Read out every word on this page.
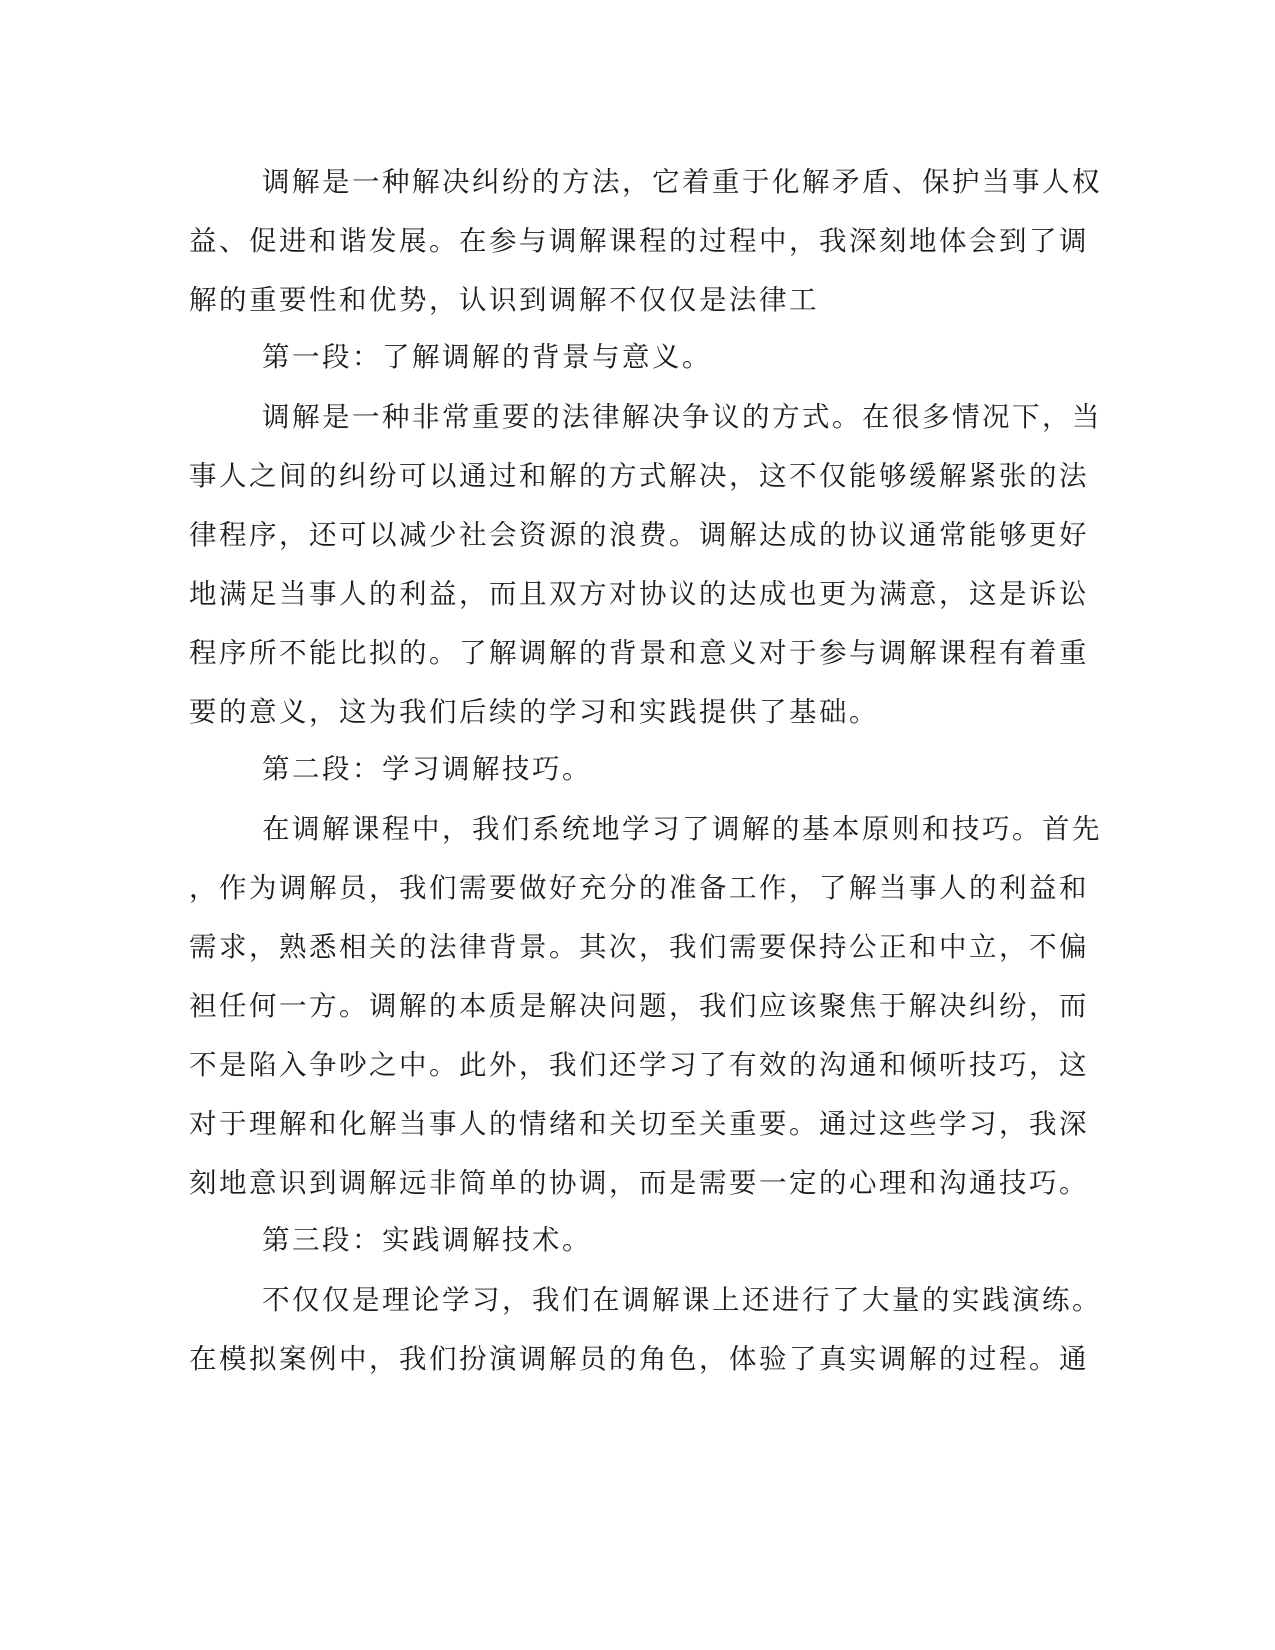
调解是一种解决纠纷的方法，它着重于化解矛盾、保护当事人权

益、促进和谐发展。在参与调解课程的过程中，我深刻地体会到了调

解的重要性和优势，认识到调解不仅仅是法律工

第一段：了解调解的背景与意义。

调解是一种非常重要的法律解决争议的方式。在很多情况下，当

事人之间的纠纷可以通过和解的方式解决，这不仅能够缓解紧张的法

律程序，还可以减少社会资源的浪费。调解达成的协议通常能够更好

地满足当事人的利益，而且双方对协议的达成也更为满意，这是诉讼

程序所不能比拟的。了解调解的背景和意义对于参与调解课程有着重

要的意义，这为我们后续的学习和实践提供了基础。

第二段：学习调解技巧。

在调解课程中，我们系统地学习了调解的基本原则和技巧。首先

，作为调解员，我们需要做好充分的准备工作，了解当事人的利益和

需求，熟悉相关的法律背景。其次，我们需要保持公正和中立，不偏

袒任何一方。调解的本质是解决问题，我们应该聚焦于解决纠纷，而

不是陷入争吵之中。此外，我们还学习了有效的沟通和倾听技巧，这

对于理解和化解当事人的情绪和关切至关重要。通过这些学习，我深

刻地意识到调解远非简单的协调，而是需要一定的心理和沟通技巧。

第三段：实践调解技术。

不仅仅是理论学习，我们在调解课上还进行了大量的实践演练。

在模拟案例中，我们扮演调解员的角色，体验了真实调解的过程。通
